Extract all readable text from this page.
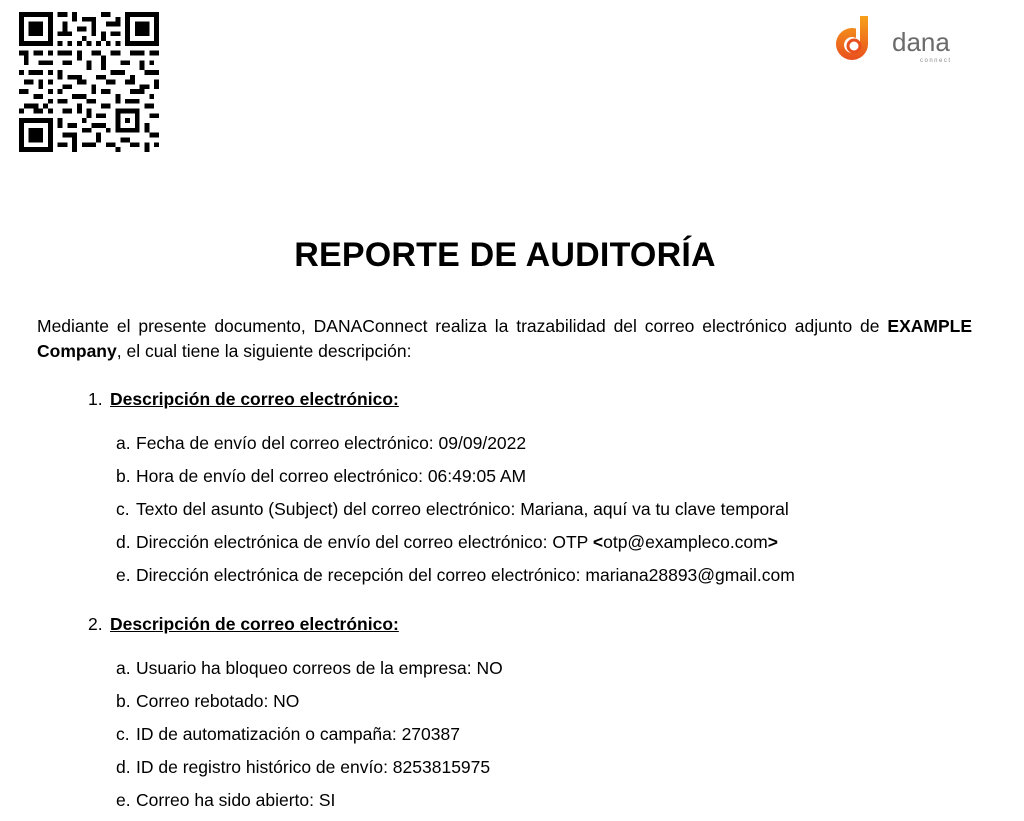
dana
connect
REPORTE DE AUDITORÍA
Mediante el presente documento, DANAConnect realiza la trazabilidad del correo electrónico adjunto de EXAMPLE Company, el cual tiene la siguiente descripción:
1. Descripción de correo electrónico:
a. Fecha de envío del correo electrónico: 09/09/2022
b. Hora de envío del correo electrónico: 06:49:05 AM
c. Texto del asunto (Subject) del correo electrónico: Mariana, aquí va tu clave temporal
d. Dirección electrónica de envío del correo electrónico: OTP <otp@exampleco.com>
e. Dirección electrónica de recepción del correo electrónico: mariana28893@gmail.com
2. Descripción de correo electrónico:
a. Usuario ha bloqueo correos de la empresa: NO
b. Correo rebotado: NO
c. ID de automatización o campaña: 270387
d. ID de registro histórico de envío: 8253815975
e. Correo ha sido abierto: SI
